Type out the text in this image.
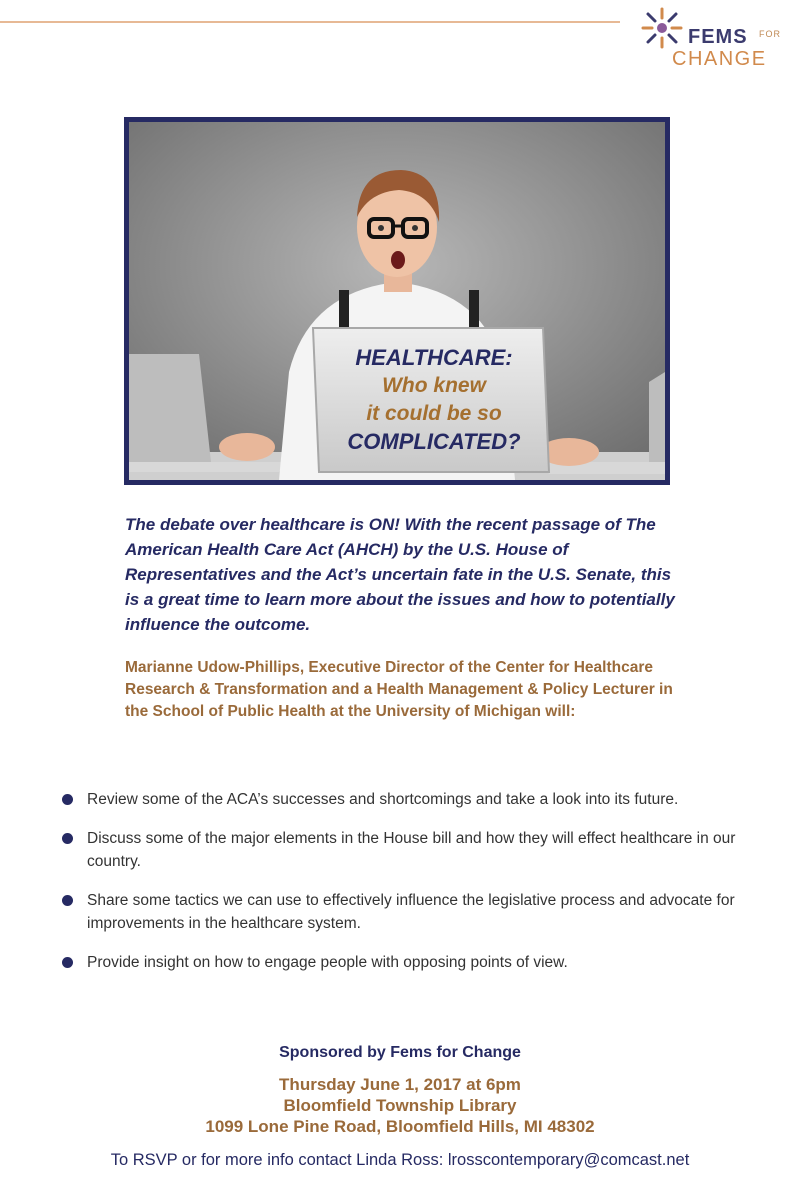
FEMS FOR
CHANGE
HEALTHCARE:
Who knew
it could be so
COMPLICATED?

The debate over healthcare is ON! With the recent passage of The American Health Care Act (AHCH) by the U.S. House of Representatives and the Act’s uncertain fate in the U.S. Senate, this is a great time to learn more about the issues and how to potentially influence the outcome.

Marianne Udow-Phillips, Executive Director of the Center for Healthcare Research & Transformation and a Health Management & Policy Lecturer in the School of Public Health at the University of Michigan will:

Review some of the ACA’s successes and shortcomings and take a look into its future.
Discuss some of the major elements in the House bill and how they will effect healthcare in our country.
Share some tactics we can use to effectively influence the legislative process and advocate for improvements in the healthcare system.
Provide insight on how to engage people with opposing points of view.
Sponsored by Fems for Change
Thursday June 1, 2017 at 6pm
Bloomfield Township Library
1099 Lone Pine Road, Bloomfield Hills, MI 48302
To RSVP or for more info contact Linda Ross: lrosscontemporary@comcast.net
